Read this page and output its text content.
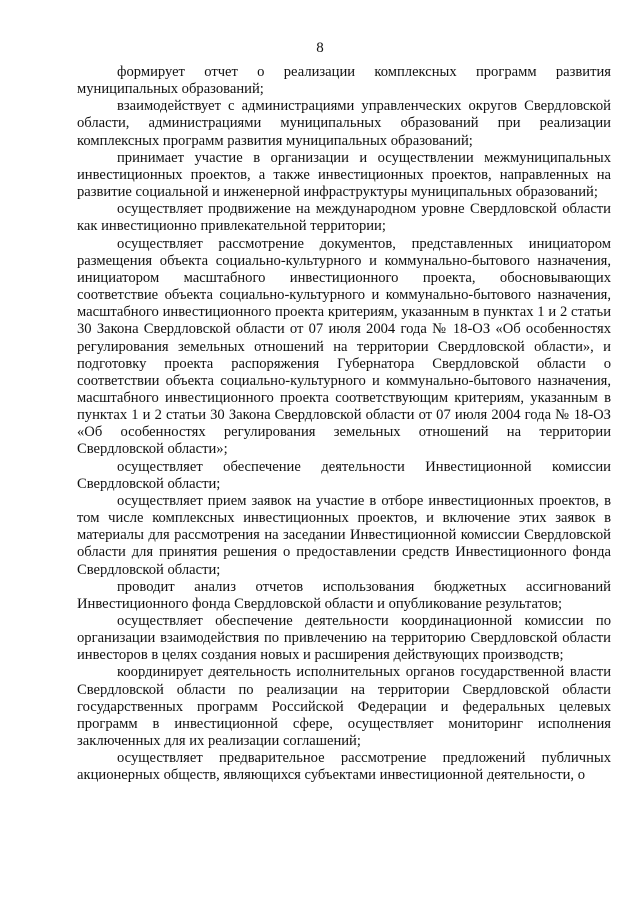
8

формирует отчет о реализации комплексных программ развития муниципальных образований;

взаимодействует с администрациями управленческих округов Свердловской области, администрациями муниципальных образований при реализации комплексных программ развития муниципальных образований;

принимает участие в организации и осуществлении межмуниципальных инвестиционных проектов, а также инвестиционных проектов, направленных на развитие социальной и инженерной инфраструктуры муниципальных образований;

осуществляет продвижение на международном уровне Свердловской области как инвестиционно привлекательной территории;

осуществляет рассмотрение документов, представленных инициатором размещения объекта социально-культурного и коммунально-бытового назначения, инициатором масштабного инвестиционного проекта, обосновывающих соответствие объекта социально-культурного и коммунально-бытового назначения, масштабного инвестиционного проекта критериям, указанным в пунктах 1 и 2 статьи 30 Закона Свердловской области от 07 июля 2004 года № 18-ОЗ «Об особенностях регулирования земельных отношений на территории Свердловской области», и подготовку проекта распоряжения Губернатора Свердловской области о соответствии объекта социально-культурного и коммунально-бытового назначения, масштабного инвестиционного проекта соответствующим критериям, указанным в пунктах 1 и 2 статьи 30 Закона Свердловской области от 07 июля 2004 года № 18-ОЗ «Об особенностях регулирования земельных отношений на территории Свердловской области»;

осуществляет обеспечение деятельности Инвестиционной комиссии Свердловской области;

осуществляет прием заявок на участие в отборе инвестиционных проектов, в том числе комплексных инвестиционных проектов, и включение этих заявок в материалы для рассмотрения на заседании Инвестиционной комиссии Свердловской области для принятия решения о предоставлении средств Инвестиционного фонда Свердловской области;

проводит анализ отчетов использования бюджетных ассигнований Инвестиционного фонда Свердловской области и опубликование результатов;

осуществляет обеспечение деятельности координационной комиссии по организации взаимодействия по привлечению на территорию Свердловской области инвесторов в целях создания новых и расширения действующих производств;

координирует деятельность исполнительных органов государственной власти Свердловской области по реализации на территории Свердловской области государственных программ Российской Федерации и федеральных целевых программ в инвестиционной сфере, осуществляет мониторинг исполнения заключенных для их реализации соглашений;

осуществляет предварительное рассмотрение предложений публичных акционерных обществ, являющихся субъектами инвестиционной деятельности, о
